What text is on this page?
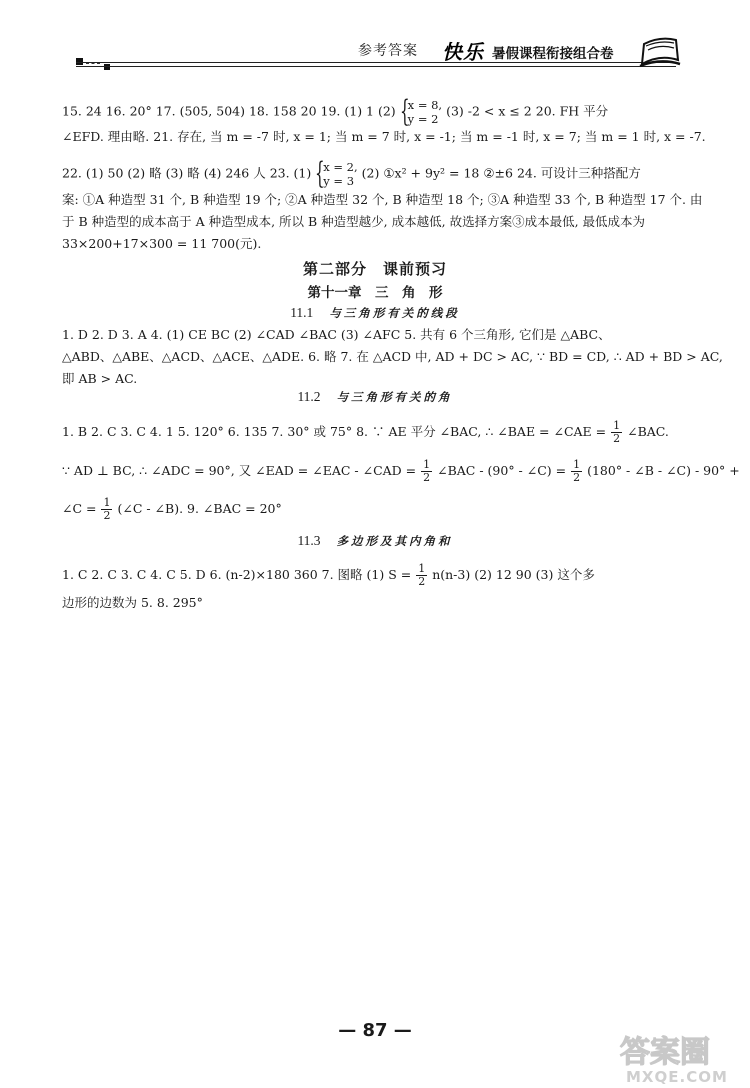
参考答案 快乐 暑假课程衔接组合卷
15. 24 16. 20° 17. (505, 504) 18. 158 20 19. (1) 1 (2) {
x = 8,
y = 2
(3) -2 < x ≤ 2 20. FH 平分
∠EFD. 理由略. 21. 存在, 当 m = -7 时, x = 1; 当 m = 7 时, x = -1; 当 m = -1 时, x = 7; 当 m = 1 时, x = -7.
22. (1) 50 (2) 略 (3) 略 (4) 246 人 23. (1) {
x = 2,
y = 3
(2) ①x² + 9y² = 18 ②±6 24. 可设计三种搭配方
案: ①A 种造型 31 个, B 种造型 19 个; ②A 种造型 32 个, B 种造型 18 个; ③A 种造型 33 个, B 种造型 17 个. 由
于 B 种造型的成本高于 A 种造型成本, 所以 B 种造型越少, 成本越低, 故选择方案③成本最低, 最低成本为
33×200+17×300 = 11 700(元).
第二部分　课前预习
第十一章　三　角　形
11.1 与三角形有关的线段
1. D 2. D 3. A 4. (1) CE BC (2) ∠CAD ∠BAC (3) ∠AFC 5. 共有 6 个三角形, 它们是 △ABC、
△ABD、△ABE、△ACD、△ACE、△ADE. 6. 略 7. 在 △ACD 中, AD + DC > AC, ∵ BD = CD, ∴ AD + BD > AC,
即 AB > AC.
11.2 与三角形有关的角
1. B 2. C 3. C 4. 1 5. 120° 6. 135 7. 30° 或 75° 8. ∵ AE 平分 ∠BAC, ∴ ∠BAE = ∠CAE = $\frac{1}{2}$ ∠BAC.
∵ AD ⊥ BC, ∴ ∠ADC = 90°, 又 ∠EAD = ∠EAC - ∠CAD = $\frac{1}{2}$ ∠BAC - (90° - ∠C) = $\frac{1}{2} (180^\circ$ - ∠B - ∠C) - 90° +
∠C = $\frac{1}{2}$ (∠C - ∠B). 9. ∠BAC = 20°
11.3 多边形及其内角和
1. C 2. C 3. C 4. C 5. D 6. (n-2)×180 360 7. 图略 (1) $S = \frac{1}{2} n(n-3)$ (2) 12 90 (3) 这个多
边形的边数为 5. 8. 295°
— 87 —
答案圈
MXQE.COM
